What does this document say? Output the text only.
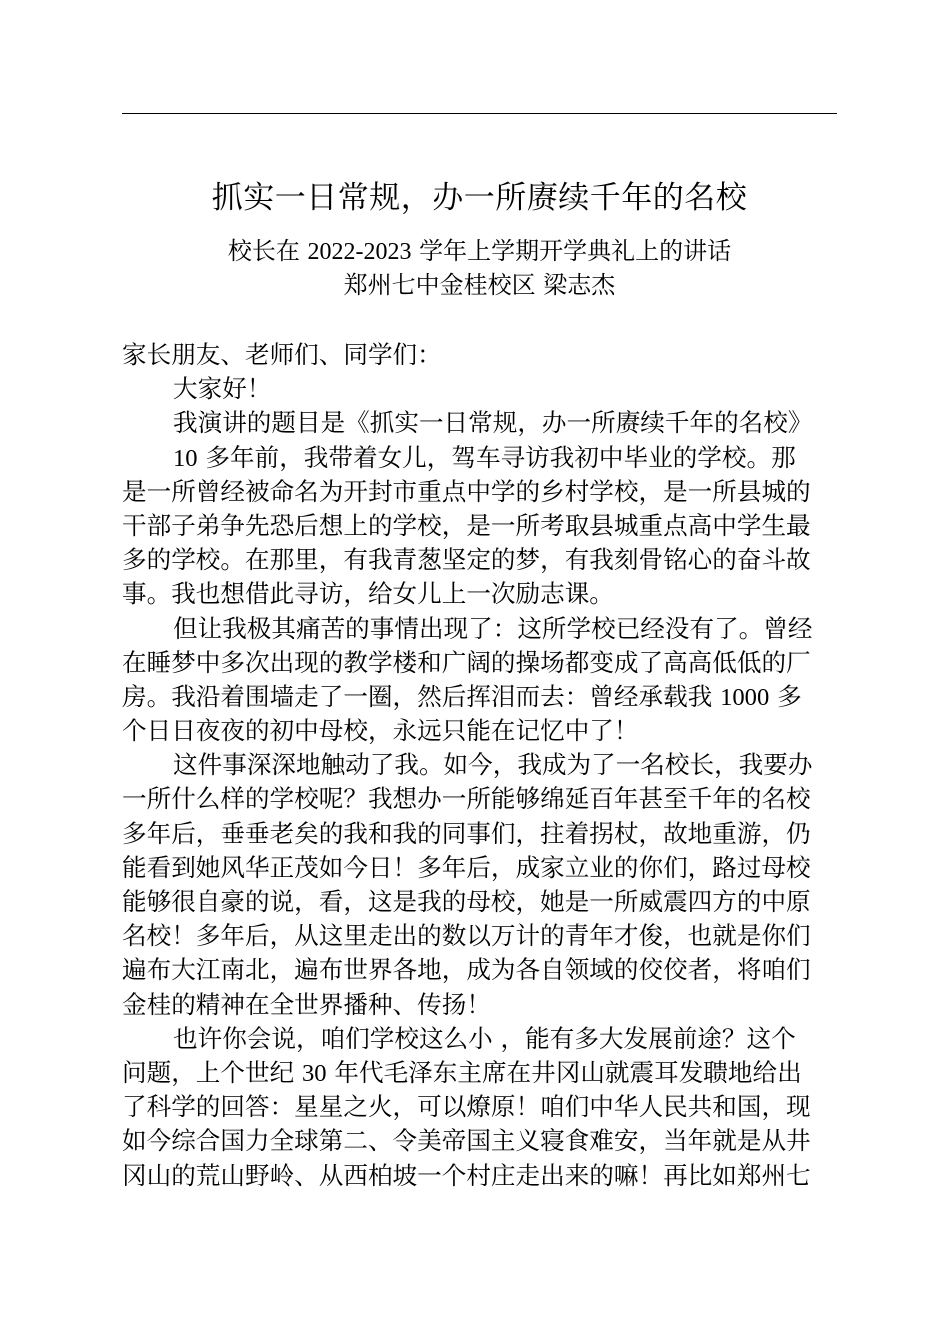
抓实一日常规，办一所赓续千年的名校
校长在 2022-2023 学年上学期开学典礼上的讲话
郑州七中金桂校区 梁志杰
家长朋友、老师们、同学们：
大家好！
我演讲的题目是《抓实一日常规，办一所赓续千年的名校》
10 多年前，我带着女儿，驾车寻访我初中毕业的学校。那
是一所曾经被命名为开封市重点中学的乡村学校，是一所县城的
干部子弟争先恐后想上的学校，是一所考取县城重点高中学生最
多的学校。在那里，有我青葱坚定的梦，有我刻骨铭心的奋斗故
事。我也想借此寻访，给女儿上一次励志课。
但让我极其痛苦的事情出现了：这所学校已经没有了。曾经
在睡梦中多次出现的教学楼和广阔的操场都变成了高高低低的厂
房。我沿着围墙走了一圈，然后挥泪而去：曾经承载我 1000 多
个日日夜夜的初中母校，永远只能在记忆中了！
这件事深深地触动了我。如今，我成为了一名校长，我要办
一所什么样的学校呢？我想办一所能够绵延百年甚至千年的名校
多年后，垂垂老矣的我和我的同事们，拄着拐杖，故地重游，仍
能看到她风华正茂如今日！多年后，成家立业的你们，路过母校
能够很自豪的说，看，这是我的母校，她是一所威震四方的中原
名校！多年后，从这里走出的数以万计的青年才俊，也就是你们
遍布大江南北，遍布世界各地，成为各自领域的佼佼者，将咱们
金桂的精神在全世界播种、传扬！
也许你会说，咱们学校这么小 ，能有多大发展前途？这个
问题，上个世纪 30 年代毛泽东主席在井冈山就震耳发聩地给出
了科学的回答：星星之火，可以燎原！咱们中华人民共和国，现
如今综合国力全球第二、令美帝国主义寝食难安，当年就是从井
冈山的荒山野岭、从西柏坡一个村庄走出来的嘛！再比如郑州七
